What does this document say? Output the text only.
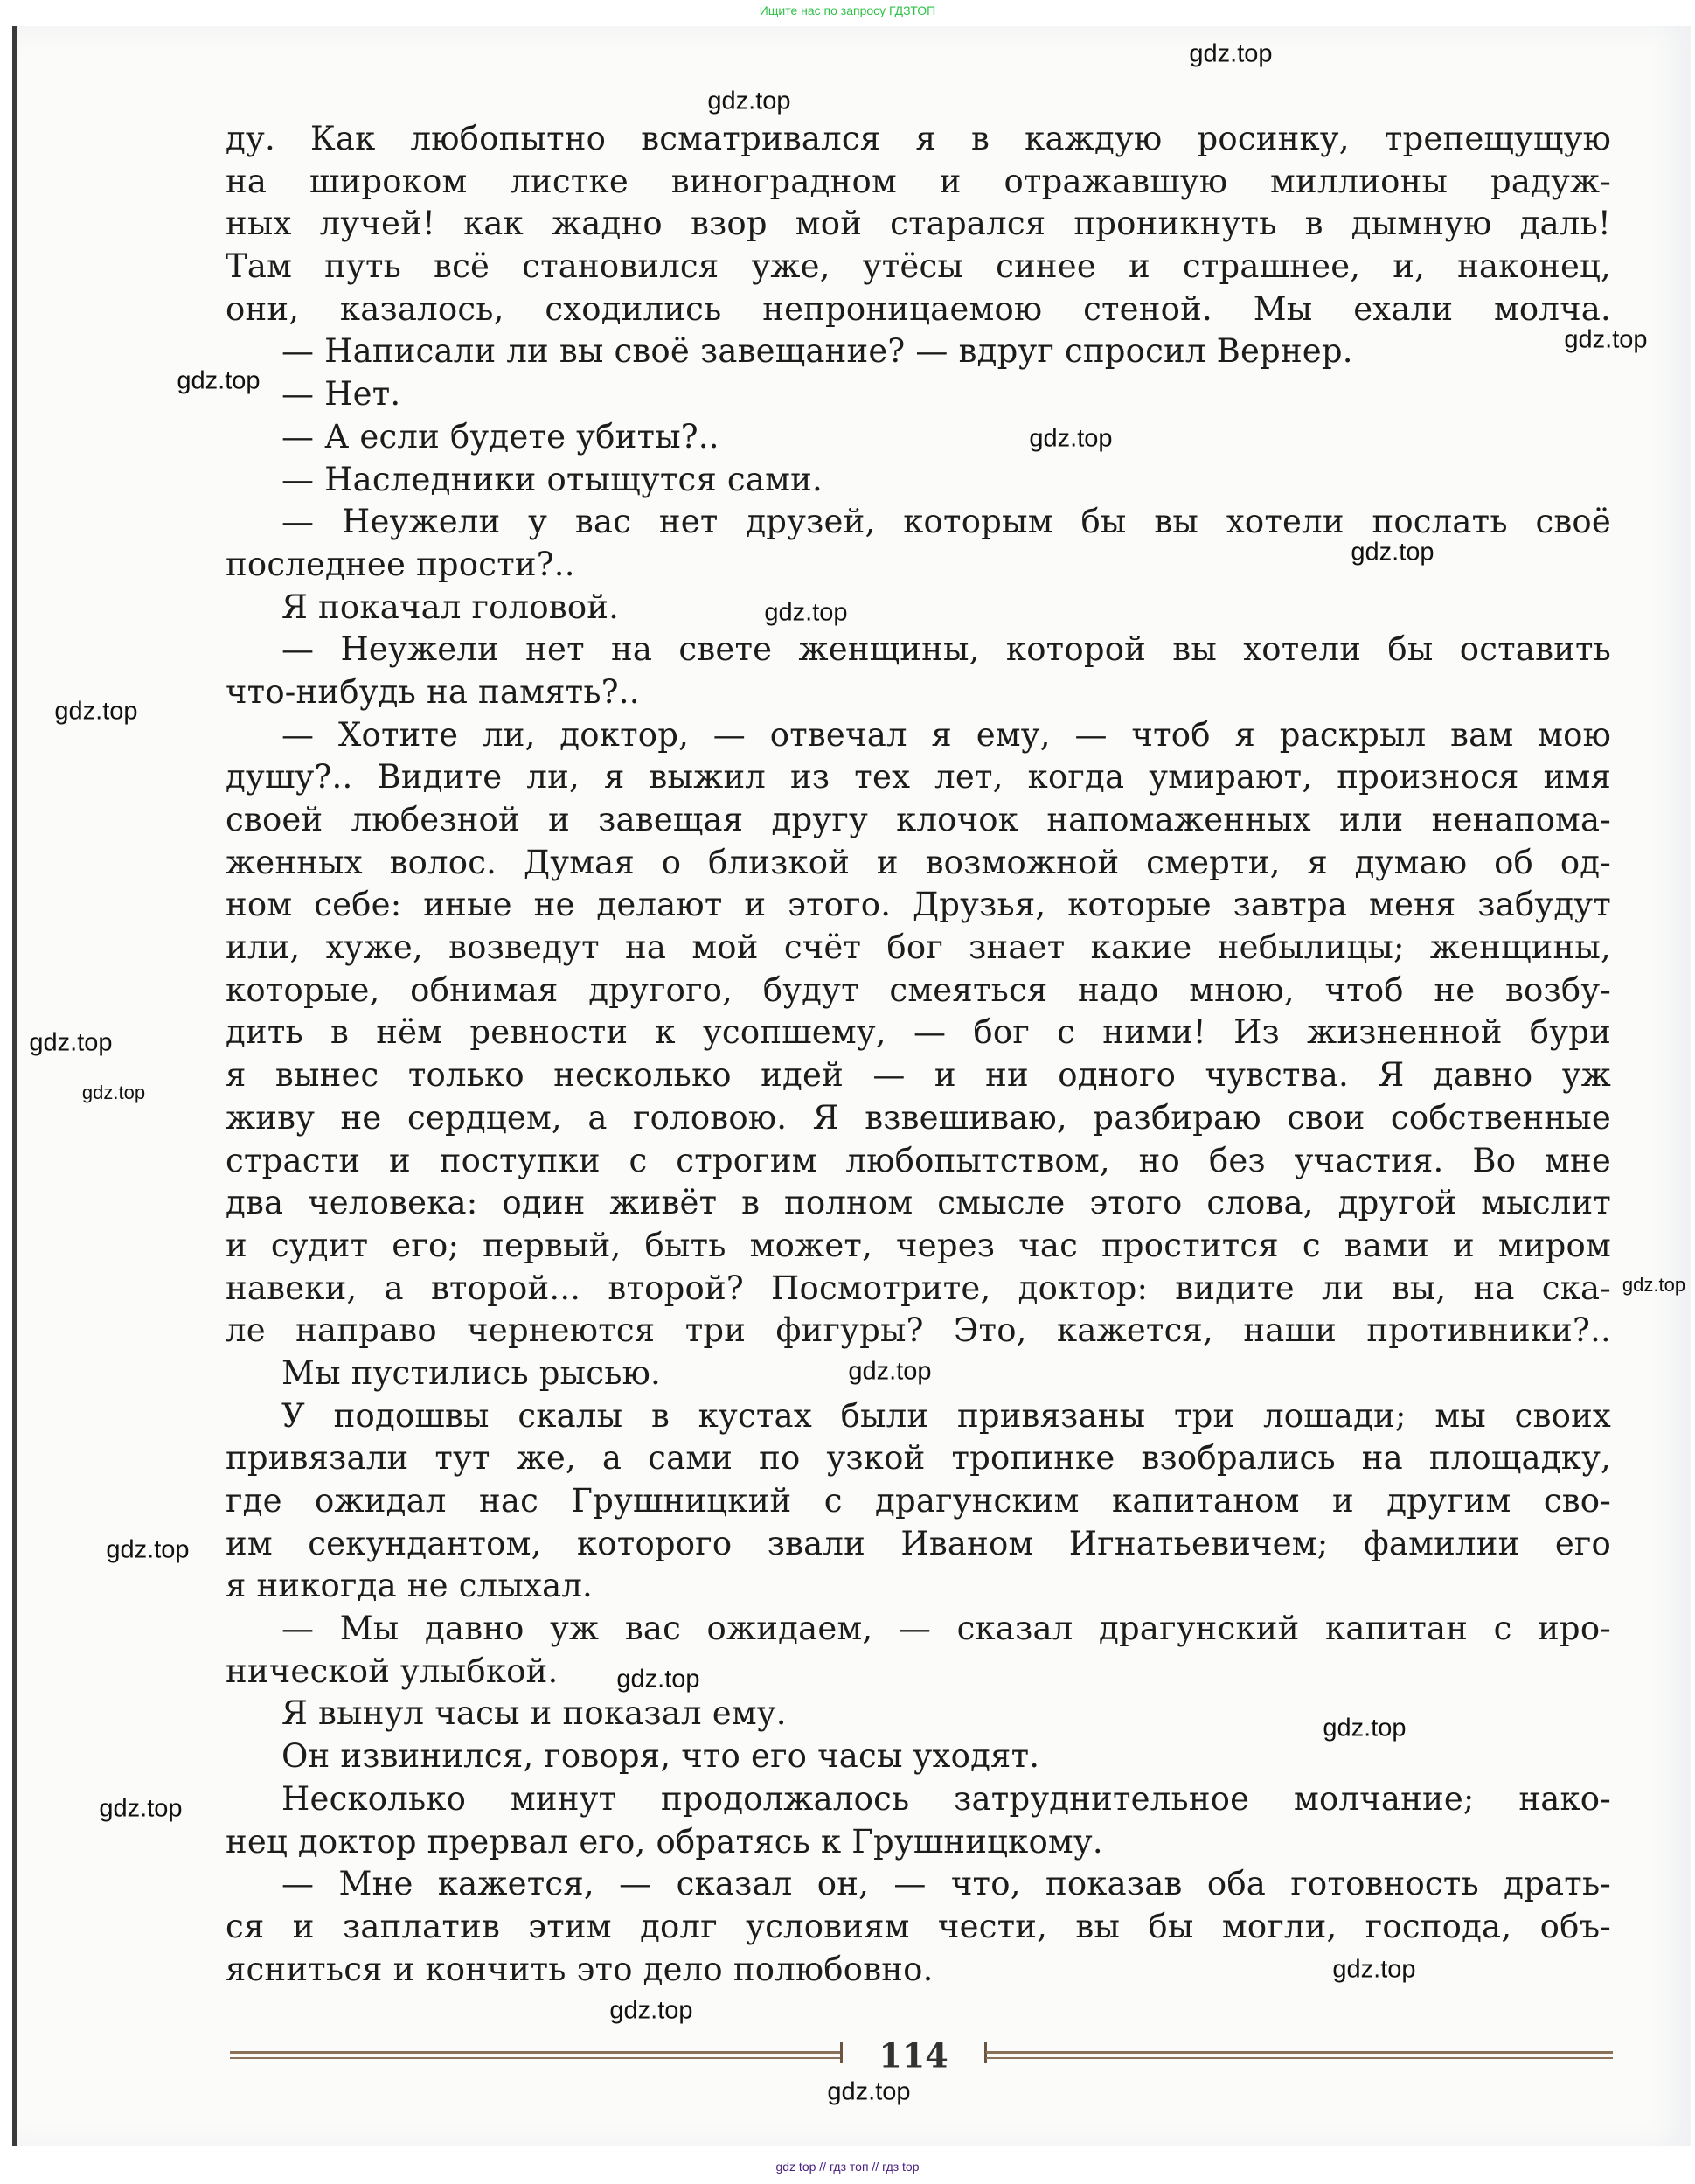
Ищите нас по запросу ГДЗТОП
ду. Как любопытно всматривался я в каждую росинку, трепещущую
на широком листке виноградном и отражавшую миллионы радуж-
ных лучей! как жадно взор мой старался проникнуть в дымную даль!
Там путь всё становился уже, утёсы синее и страшнее, и, наконец,
они, казалось, сходились непроницаемою стеной. Мы ехали молча.
— Написали ли вы своё завещание? — вдруг спросил Вернер.
— Нет.
— А если будете убиты?..
— Наследники отыщутся сами.
— Неужели у вас нет друзей, которым бы вы хотели послать своё
последнее прости?..
Я покачал головой.
— Неужели нет на свете женщины, которой вы хотели бы оставить
что-нибудь на память?..
— Хотите ли, доктор, — отвечал я ему, — чтоб я раскрыл вам мою
душу?.. Видите ли, я выжил из тех лет, когда умирают, произнося имя
своей любезной и завещая другу клочок напомаженных или ненапома-
женных волос. Думая о близкой и возможной смерти, я думаю об од-
ном себе: иные не делают и этого. Друзья, которые завтра меня забудут
или, хуже, возведут на мой счёт бог знает какие небылицы; женщины,
которые, обнимая другого, будут смеяться надо мною, чтоб не возбу-
дить в нём ревности к усопшему, — бог с ними! Из жизненной бури
я вынес только несколько идей — и ни одного чувства. Я давно уж
живу не сердцем, а головою. Я взвешиваю, разбираю свои собственные
страсти и поступки с строгим любопытством, но без участия. Во мне
два человека: один живёт в полном смысле этого слова, другой мыслит
и судит его; первый, быть может, через час простится с вами и миром
навеки, а второй... второй? Посмотрите, доктор: видите ли вы, на ска-
ле направо чернеются три фигуры? Это, кажется, наши противники?..
Мы пустились рысью.
У подошвы скалы в кустах были привязаны три лошади; мы своих
привязали тут же, а сами по узкой тропинке взобрались на площадку,
где ожидал нас Грушницкий с драгунским капитаном и другим сво-
им секундантом, которого звали Иваном Игнатьевичем; фамилии его
я никогда не слыхал.
— Мы давно уж вас ожидаем, — сказал драгунский капитан с иро-
нической улыбкой.
Я вынул часы и показал ему.
Он извинился, говоря, что его часы уходят.
Несколько минут продолжалось затруднительное молчание; нако-
нец доктор прервал его, обратясь к Грушницкому.
— Мне кажется, — сказал он, — что, показав оба готовность драть-
ся и заплатив этим долг условиям чести, вы бы могли, господа, объ-
ясниться и кончить это дело полюбовно.
114
gdz.top
gdz.top
gdz.top
gdz.top
gdz.top
gdz.top
gdz.top
gdz.top
gdz.top
gdz.top
gdz.top
gdz.top
gdz.top
gdz.top
gdz.top
gdz.top
gdz.top
gdz.top
gdz.top
gdz top // гдз топ // гдз top
